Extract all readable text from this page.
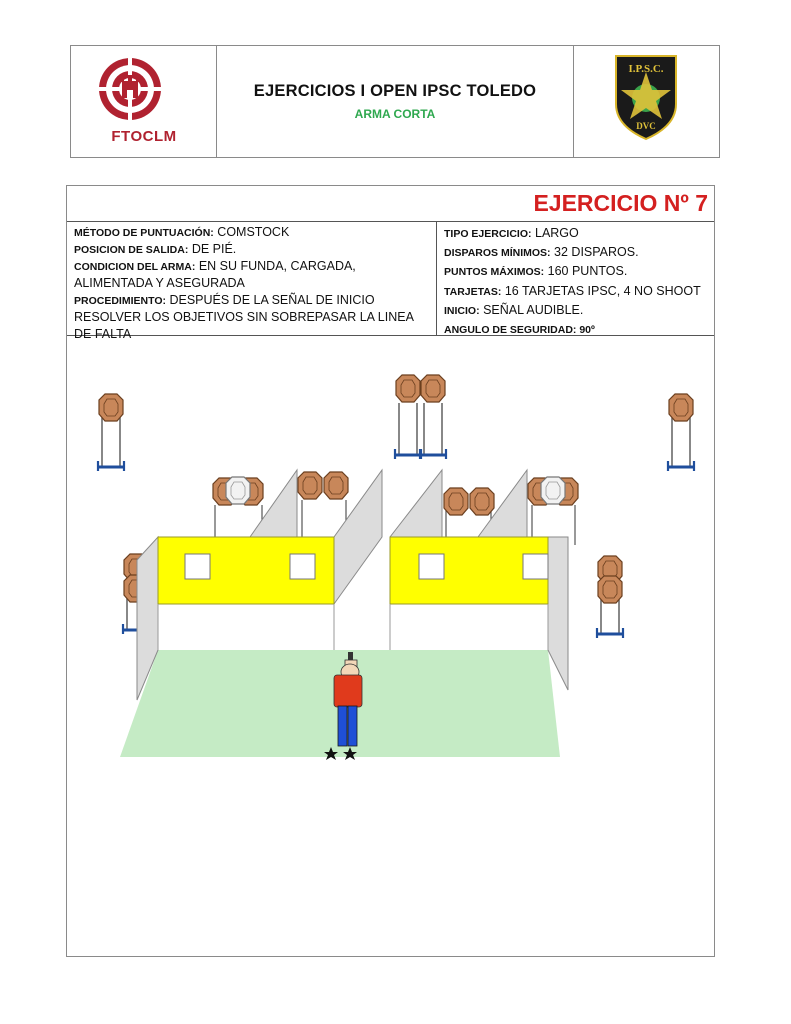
FTOCLM
EJERCICIOS I OPEN IPSC TOLEDO
ARMA CORTA
I.P.S.C.
DVC
EJERCICIO Nº 7
MÉTODO DE PUNTUACIÓN: COMSTOCK
POSICION DE SALIDA: DE PIÉ.
CONDICION DEL ARMA: EN SU FUNDA, CARGADA,
ALIMENTADA Y ASEGURADA
PROCEDIMIENTO: DESPUÉS DE LA SEÑAL DE INICIO
RESOLVER LOS OBJETIVOS SIN SOBREPASAR LA LINEA
DE FALTA
TIPO EJERCICIO: LARGO
DISPAROS MÍNIMOS: 32 DISPAROS.
PUNTOS MÁXIMOS: 160 PUNTOS.
TARJETAS: 16 TARJETAS IPSC, 4 NO SHOOT
INICIO: SEÑAL AUDIBLE.
ANGULO DE SEGURIDAD: 90º
